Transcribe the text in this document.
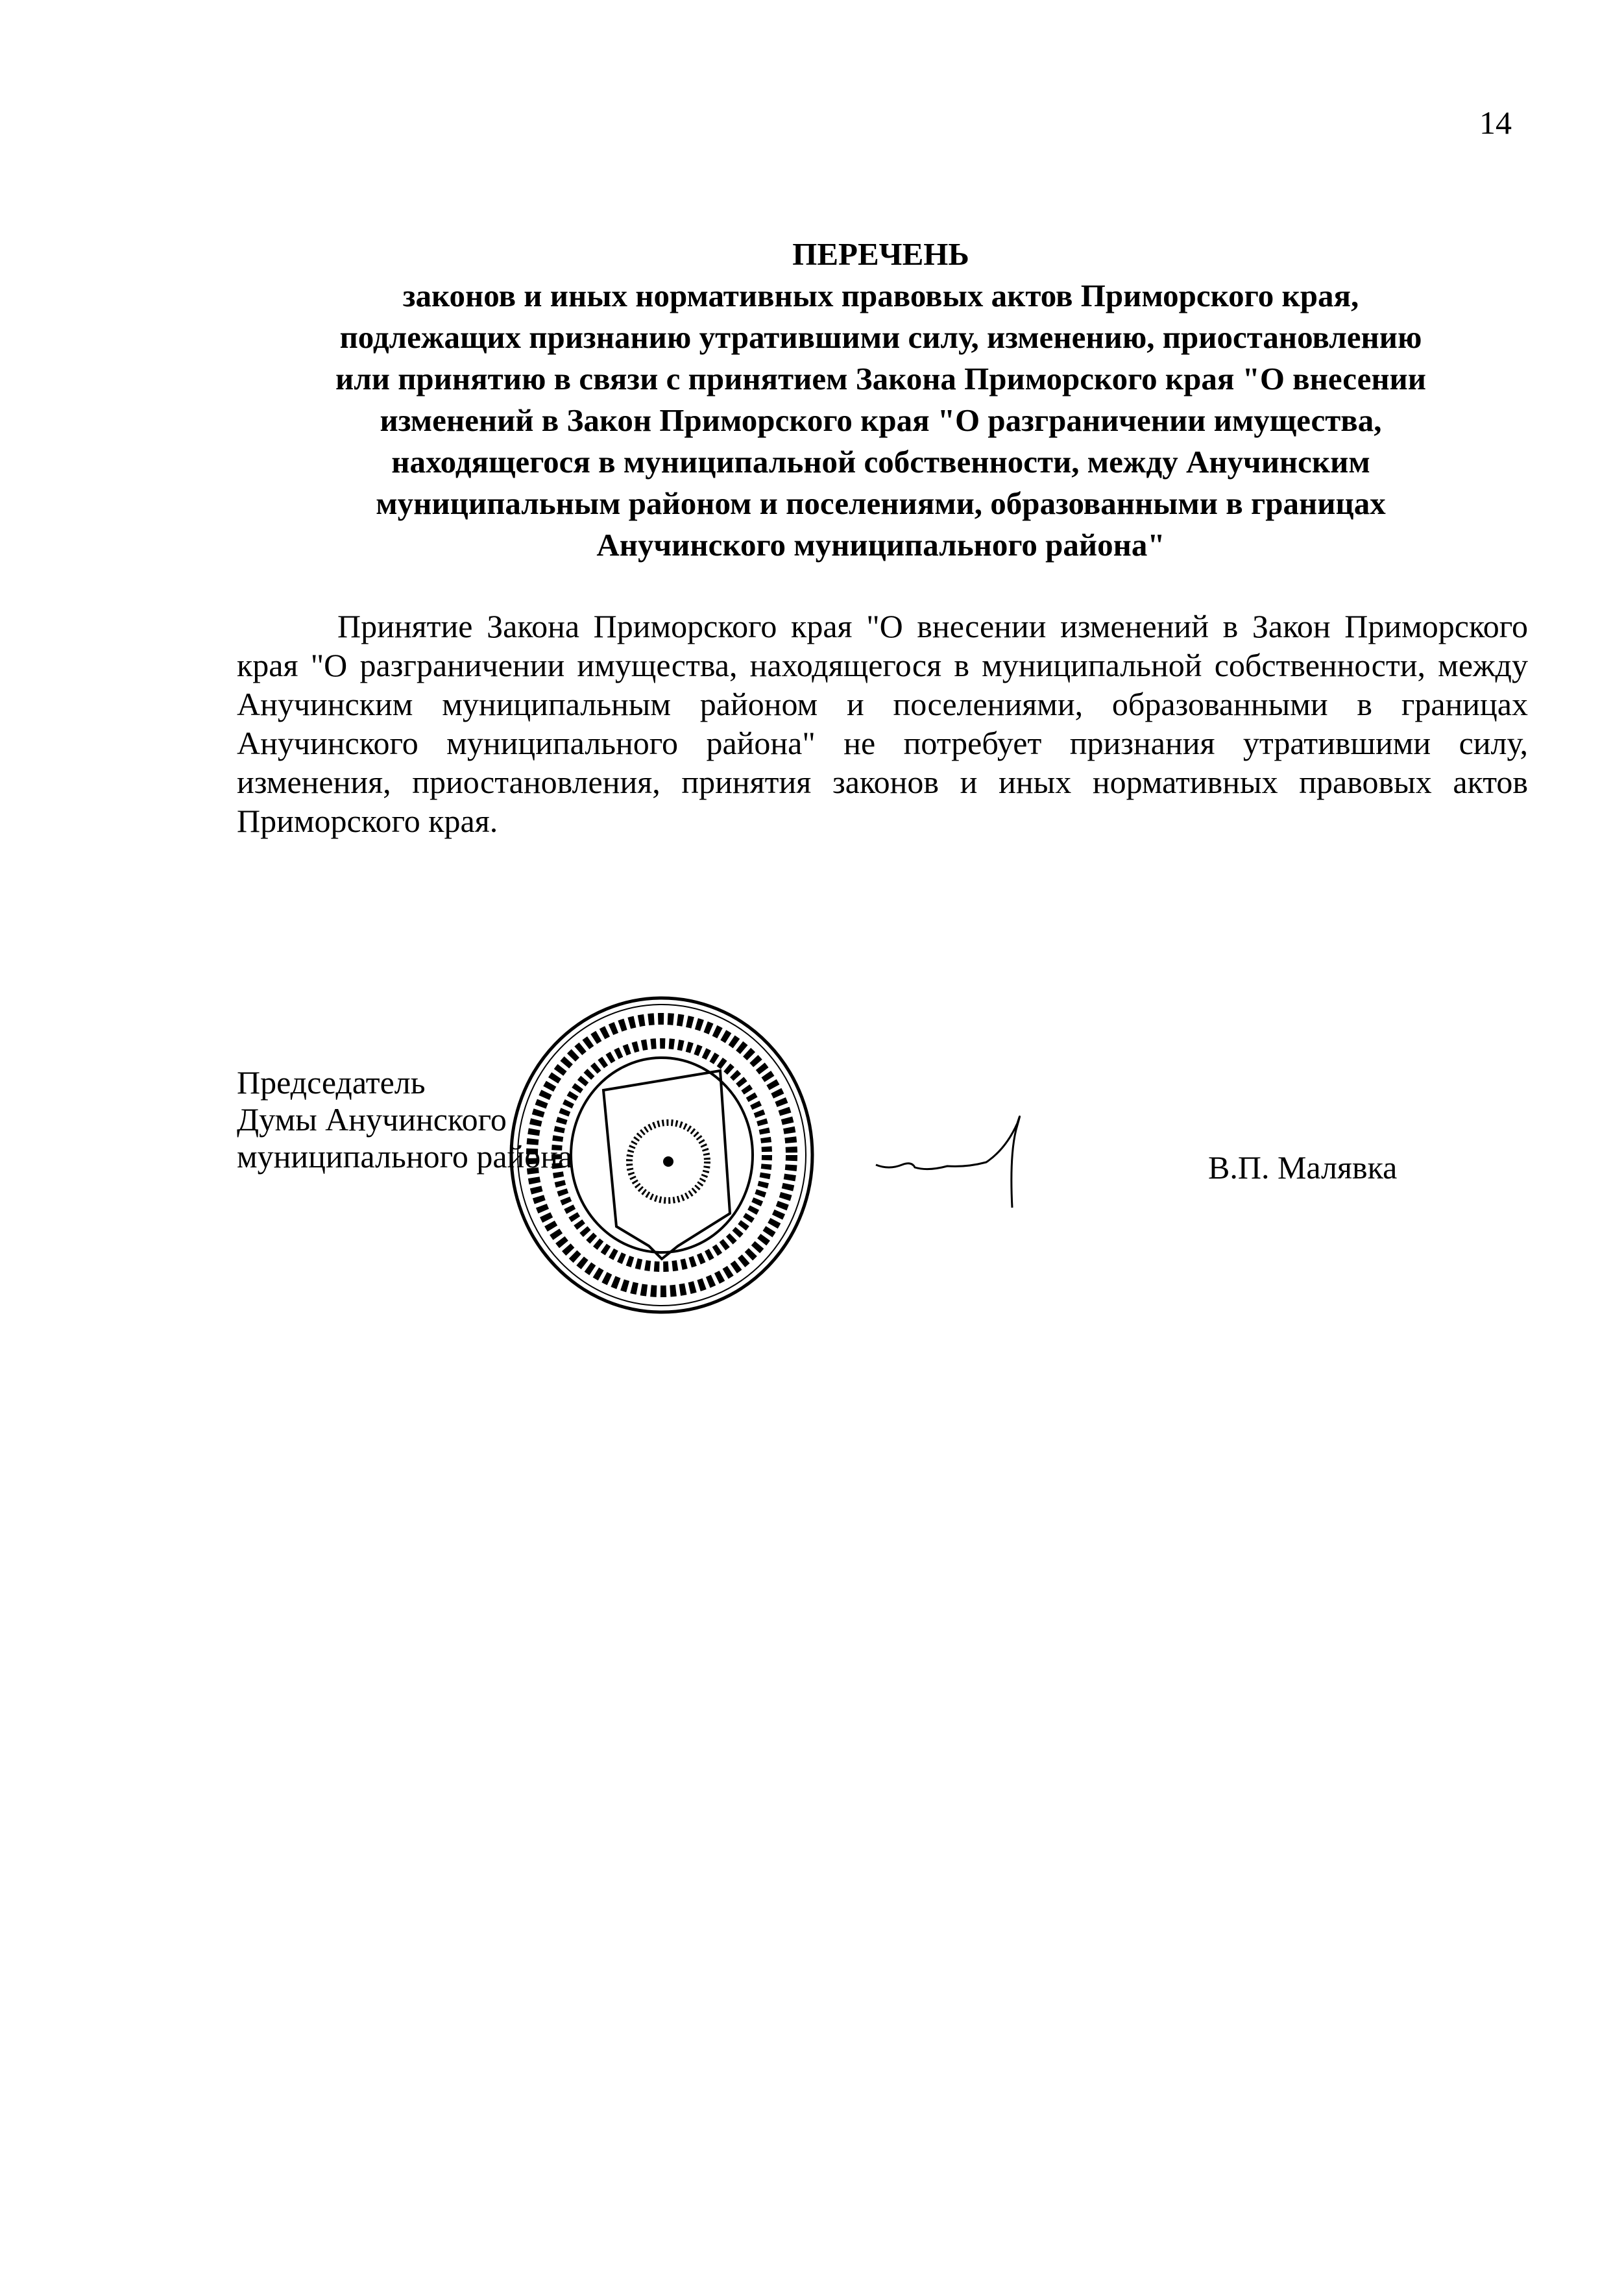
14
ПЕРЕЧЕНЬ
законов и иных нормативных правовых актов Приморского края,
подлежащих признанию утратившими силу, изменению, приостановлению
или принятию в связи с принятием Закона Приморского края "О внесении
изменений в Закон Приморского края "О разграничении имущества,
находящегося в муниципальной собственности, между Анучинским
муниципальным районом и поселениями, образованными в границах
Анучинского муниципального района"
Принятие Закона Приморского края "О внесении изменений в Закон Приморского края "О разграничении имущества, находящегося в муниципальной собственности, между Анучинским муниципальным районом и поселениями, образованными в границах Анучинского муниципального района" не потребует признания утратившими силу, изменения, приостановления, принятия законов и иных нормативных правовых актов Приморского края.
Председатель
Думы Анучинского
муниципального района	В.П. Малявка
